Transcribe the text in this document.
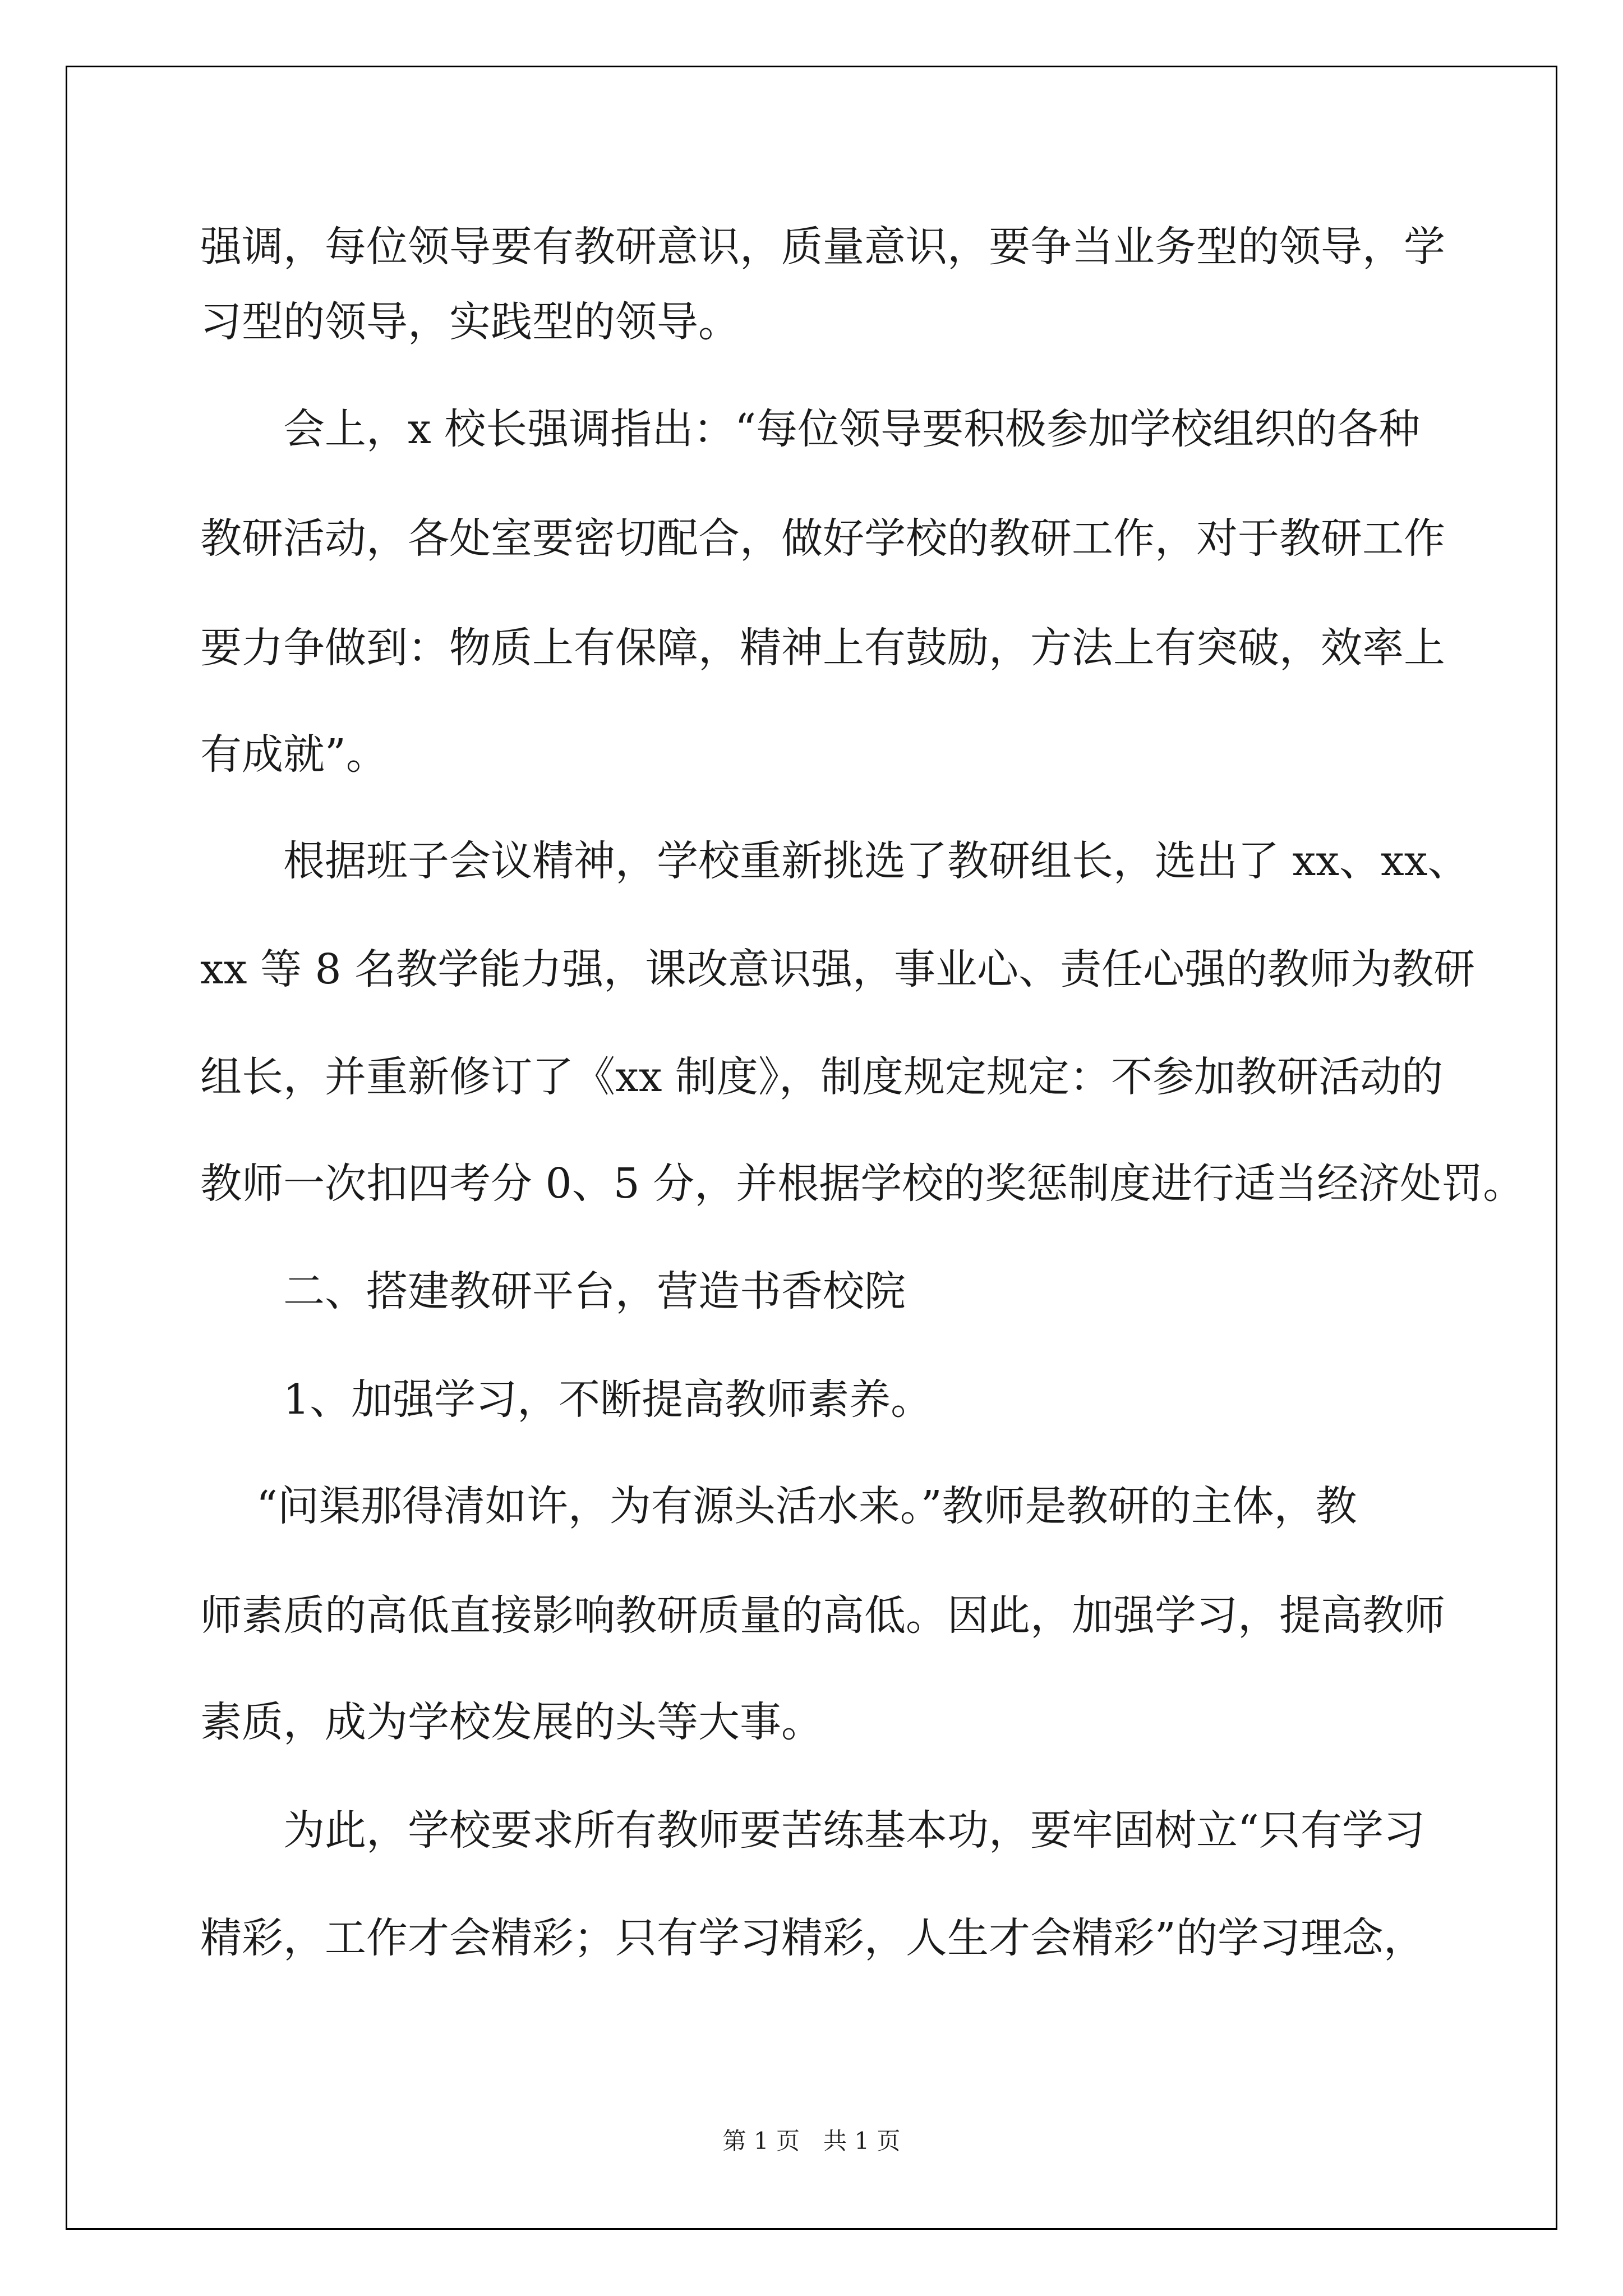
强调，每位领导要有教研意识，质量意识，要争当业务型的领导，学
习型的领导，实践型的领导。
会上，x 校长强调指出：“每位领导要积极参加学校组织的各种
教研活动，各处室要密切配合，做好学校的教研工作，对于教研工作
要力争做到：物质上有保障，精神上有鼓励，方法上有突破，效率上
有成就”。
根据班子会议精神，学校重新挑选了教研组长，选出了 xx、xx、
xx 等 8 名教学能力强，课改意识强，事业心、责任心强的教师为教研
组长，并重新修订了《xx 制度》，制度规定规定：不参加教研活动的
教师一次扣四考分 0、5 分，并根据学校的奖惩制度进行适当经济处罚。
二、搭建教研平台，营造书香校院
1、加强学习，不断提高教师素养。
“问渠那得清如许，为有源头活水来。”教师是教研的主体，教
师素质的高低直接影响教研质量的高低。因此，加强学习，提高教师
素质，成为学校发展的头等大事。
为此，学校要求所有教师要苦练基本功，要牢固树立“只有学习
精彩，工作才会精彩；只有学习精彩，人生才会精彩”的学习理念，
第 1 页　共 1 页
